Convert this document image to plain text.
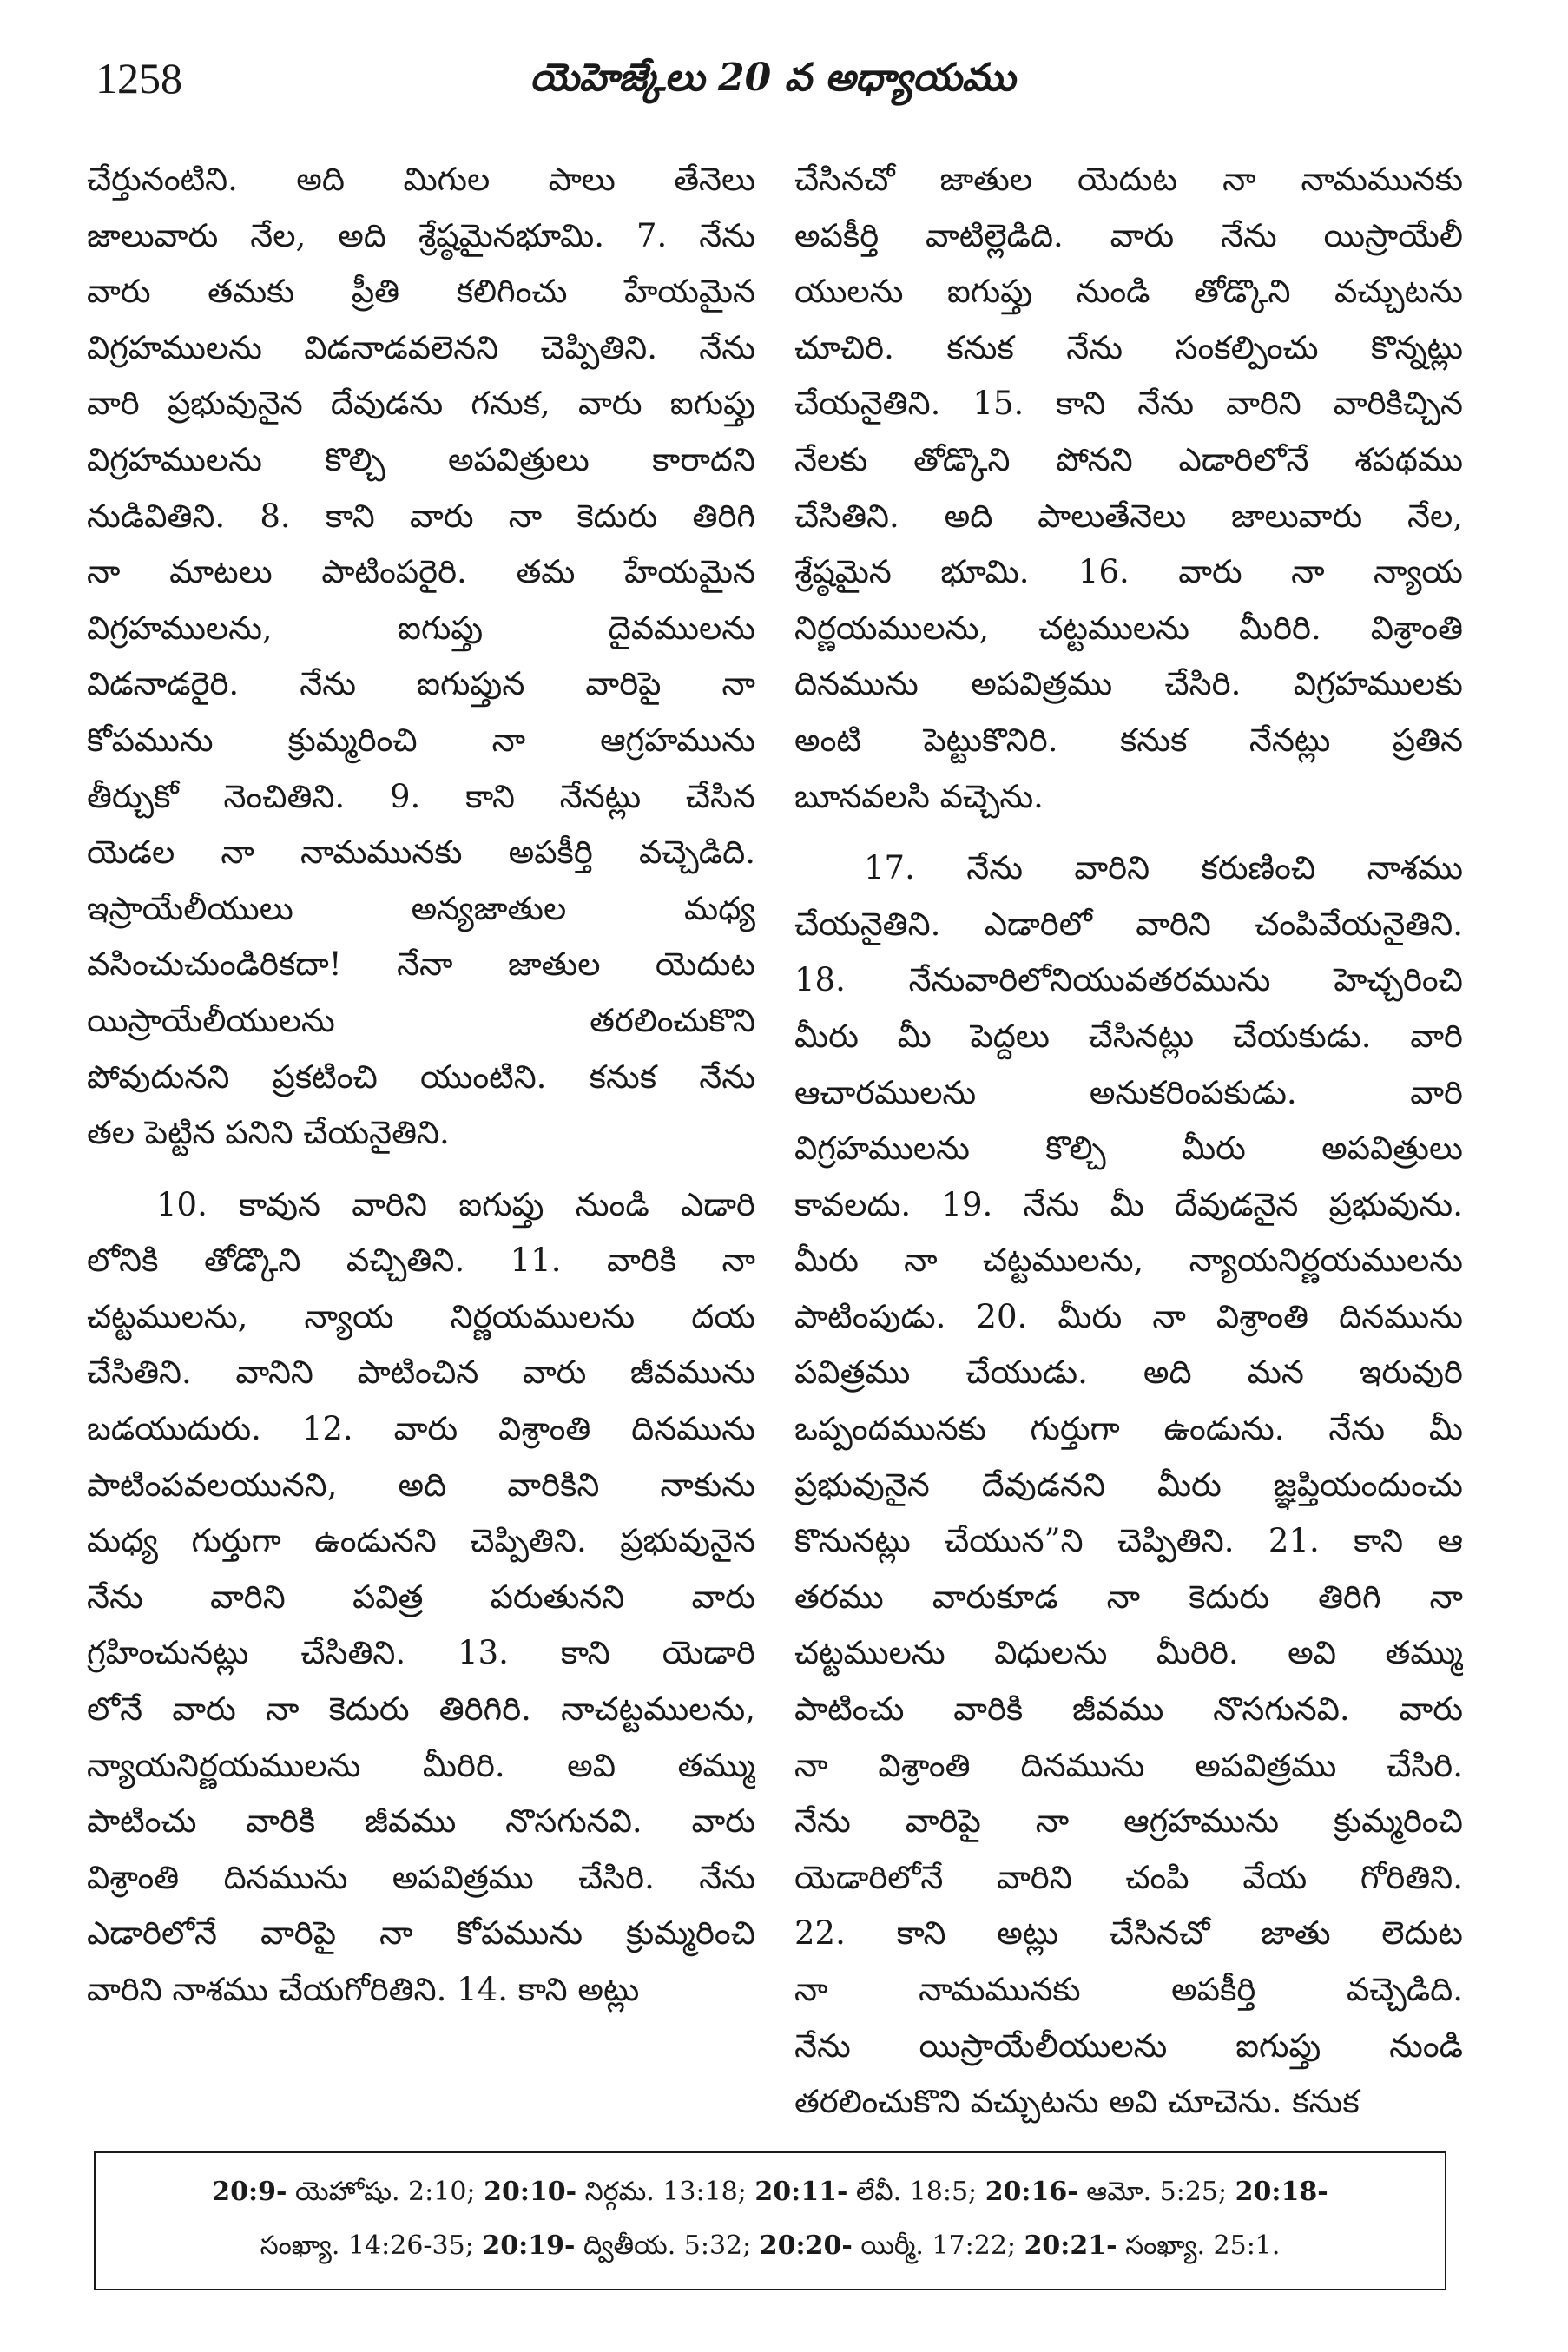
1258	యెహెజ్కేలు 20 వ అధ్యాయము
చేర్తునంటిని. అది మిగుల పాలు తేనెలు
జాలువారు నేల, అది శ్రేష్ఠమైనభూమి. 7. నేను
వారు తమకు ప్రీతి కలిగించు హేయమైన
విగ్రహములను విడనాడవలెనని చెప్పితిని. నేను
వారి ప్రభువునైన దేవుడను గనుక, వారు ఐగుప్తు
విగ్రహములను కొల్చి అపవిత్రులు కారాదని
నుడివితిని. 8. కాని వారు నా కెదురు తిరిగి
నా మాటలు పాటింపరైరి. తమ హేయమైన
విగ్రహములను, ఐగుప్తు దైవములను
విడనాడరైరి. నేను ఐగుప్తున వారిపై నా
కోపమును క్రుమ్మరించి నా ఆగ్రహమును
తీర్చుకో నెంచితిని. 9. కాని నేనట్లు చేసిన
యెడల నా నామమునకు అపకీర్తి వచ్చెడిది.
ఇస్రాయేలీయులు అన్యజాతుల మధ్య
వసించుచుండిరికదా! నేనా జాతుల యెదుట
యిస్రాయేలీయులను తరలించుకొని
పోవుదునని ప్రకటించి యుంటిని. కనుక నేను
తల పెట్టిన పనిని చేయనైతిని.
10. కావున వారిని ఐగుప్తు నుండి ఎడారి
లోనికి తోడ్కొని వచ్చితిని. 11. వారికి నా
చట్టములను, న్యాయ నిర్ణయములను దయ
చేసితిని. వానిని పాటించిన వారు జీవమును
బడయుదురు. 12. వారు విశ్రాంతి దినమును
పాటింపవలయునని, అది వారికిని నాకును
మధ్య గుర్తుగా ఉండునని చెప్పితిని. ప్రభువునైన
నేను వారిని పవిత్ర పరుతునని వారు
గ్రహించునట్లు చేసితిని. 13. కాని యెడారి
లోనే వారు నా కెదురు తిరిగిరి. నాచట్టములను,
న్యాయనిర్ణయములను మీరిరి. అవి తమ్ము
పాటించు వారికి జీవము నొసగునవి. వారు
విశ్రాంతి దినమును అపవిత్రము చేసిరి. నేను
ఎడారిలోనే వారిపై నా కోపమును క్రుమ్మరించి
వారిని నాశము చేయగోరితిని. 14. కాని అట్లు
చేసినచో జాతుల యెదుట నా నామమునకు
అపకీర్తి వాటిల్లెడిది. వారు నేను యిస్రాయేలీ
యులను ఐగుప్తు నుండి తోడ్కొని వచ్చుటను
చూచిరి. కనుక నేను సంకల్పించు కొన్నట్లు
చేయనైతిని. 15. కాని నేను వారిని వారికిచ్చిన
నేలకు తోడ్కొని పోనని ఎడారిలోనే శపథము
చేసితిని. అది పాలుతేనెలు జాలువారు నేల,
శ్రేష్ఠమైన భూమి. 16. వారు నా న్యాయ
నిర్ణయములను, చట్టములను మీరిరి. విశ్రాంతి
దినమును అపవిత్రము చేసిరి. విగ్రహములకు
అంటి పెట్టుకొనిరి. కనుక నేనట్లు ప్రతిన
బూనవలసి వచ్చెను.
17. నేను వారిని కరుణించి నాశము
చేయనైతిని. ఎడారిలో వారిని చంపివేయనైతిని.
18. నేనువారిలోనియువతరమును హెచ్చరించి
మీరు మీ పెద్దలు చేసినట్లు చేయకుడు. వారి
ఆచారములను అనుకరింపకుడు. వారి
విగ్రహములను కొల్చి మీరు అపవిత్రులు
కావలదు. 19. నేను మీ దేవుడనైన ప్రభువును.
మీరు నా చట్టములను, న్యాయనిర్ణయములను
పాటింపుడు. 20. మీరు నా విశ్రాంతి దినమును
పవిత్రము చేయుడు. అది మన ఇరువురి
ఒప్పందమునకు గుర్తుగా ఉండును. నేను మీ
ప్రభువునైన దేవుడనని మీరు జ్ఞప్తియందుంచు
కొనునట్లు చేయున”ని చెప్పితిని. 21. కాని ఆ
తరము వారుకూడ నా కెదురు తిరిగి నా
చట్టములను విధులను మీరిరి. అవి తమ్ము
పాటించు వారికి జీవము నొసగునవి. వారు
నా విశ్రాంతి దినమును అపవిత్రము చేసిరి.
నేను వారిపై నా ఆగ్రహమును క్రుమ్మరించి
యెడారిలోనే వారిని చంపి వేయ గోరితిని.
22. కాని అట్లు చేసినచో జాతు లెదుట
నా నామమునకు అపకీర్తి వచ్చెడిది.
నేను యిస్రాయేలీయులను ఐగుప్తు నుండి
తరలించుకొని వచ్చుటను అవి చూచెను. కనుక
20:9- యెహోషు. 2:10; 20:10- నిర్గమ. 13:18; 20:11- లేవీ. 18:5; 20:16- ఆమో. 5:25; 20:18-
సంఖ్యా. 14:26-35; 20:19- ద్వితీయ. 5:32; 20:20- యిర్మీ. 17:22; 20:21- సంఖ్యా. 25:1.
